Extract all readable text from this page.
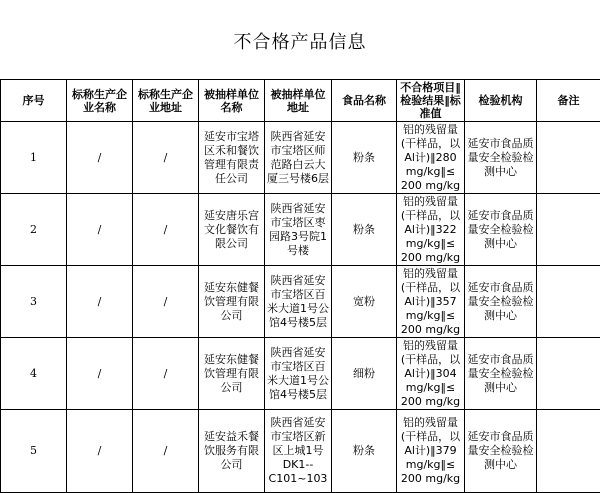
不合格产品信息
序号	标称生产企业名称	标称生产企业地址	被抽样单位名称	被抽样单位地址	食品名称	不合格项目‖检验结果‖标准值	检验机构	备注
1	/	/	延安市宝塔区禾和餐饮管理有限责任公司	陕西省延安市宝塔区师范路白云大厦三号楼6层	粉条	铝的残留量(干样品，以Al计)‖280 mg/kg‖≤ 200 mg/kg	延安市食品质量安全检验检测中心	
2	/	/	延安唐乐宫文化餐饮有限公司	陕西省延安市宝塔区枣园路3号院1号楼	粉条	铝的残留量(干样品，以Al计)‖322 mg/kg‖≤ 200 mg/kg	延安市食品质量安全检验检测中心	
3	/	/	延安东健餐饮管理有限公司	陕西省延安市宝塔区百米大道1号公馆4号楼5层	宽粉	铝的残留量(干样品，以Al计)‖357 mg/kg‖≤ 200 mg/kg	延安市食品质量安全检验检测中心	
4	/	/	延安东健餐饮管理有限公司	陕西省延安市宝塔区百米大道1号公馆4号楼5层	细粉	铝的残留量(干样品，以Al计)‖304 mg/kg‖≤ 200 mg/kg	延安市食品质量安全检验检测中心	
5	/	/	延安益禾餐饮服务有限公司	陕西省延安市宝塔区新区上城1号DK1-- C101~103	粉条	铝的残留量(干样品，以Al计)‖379 mg/kg‖≤ 200 mg/kg	延安市食品质量安全检验检测中心	
